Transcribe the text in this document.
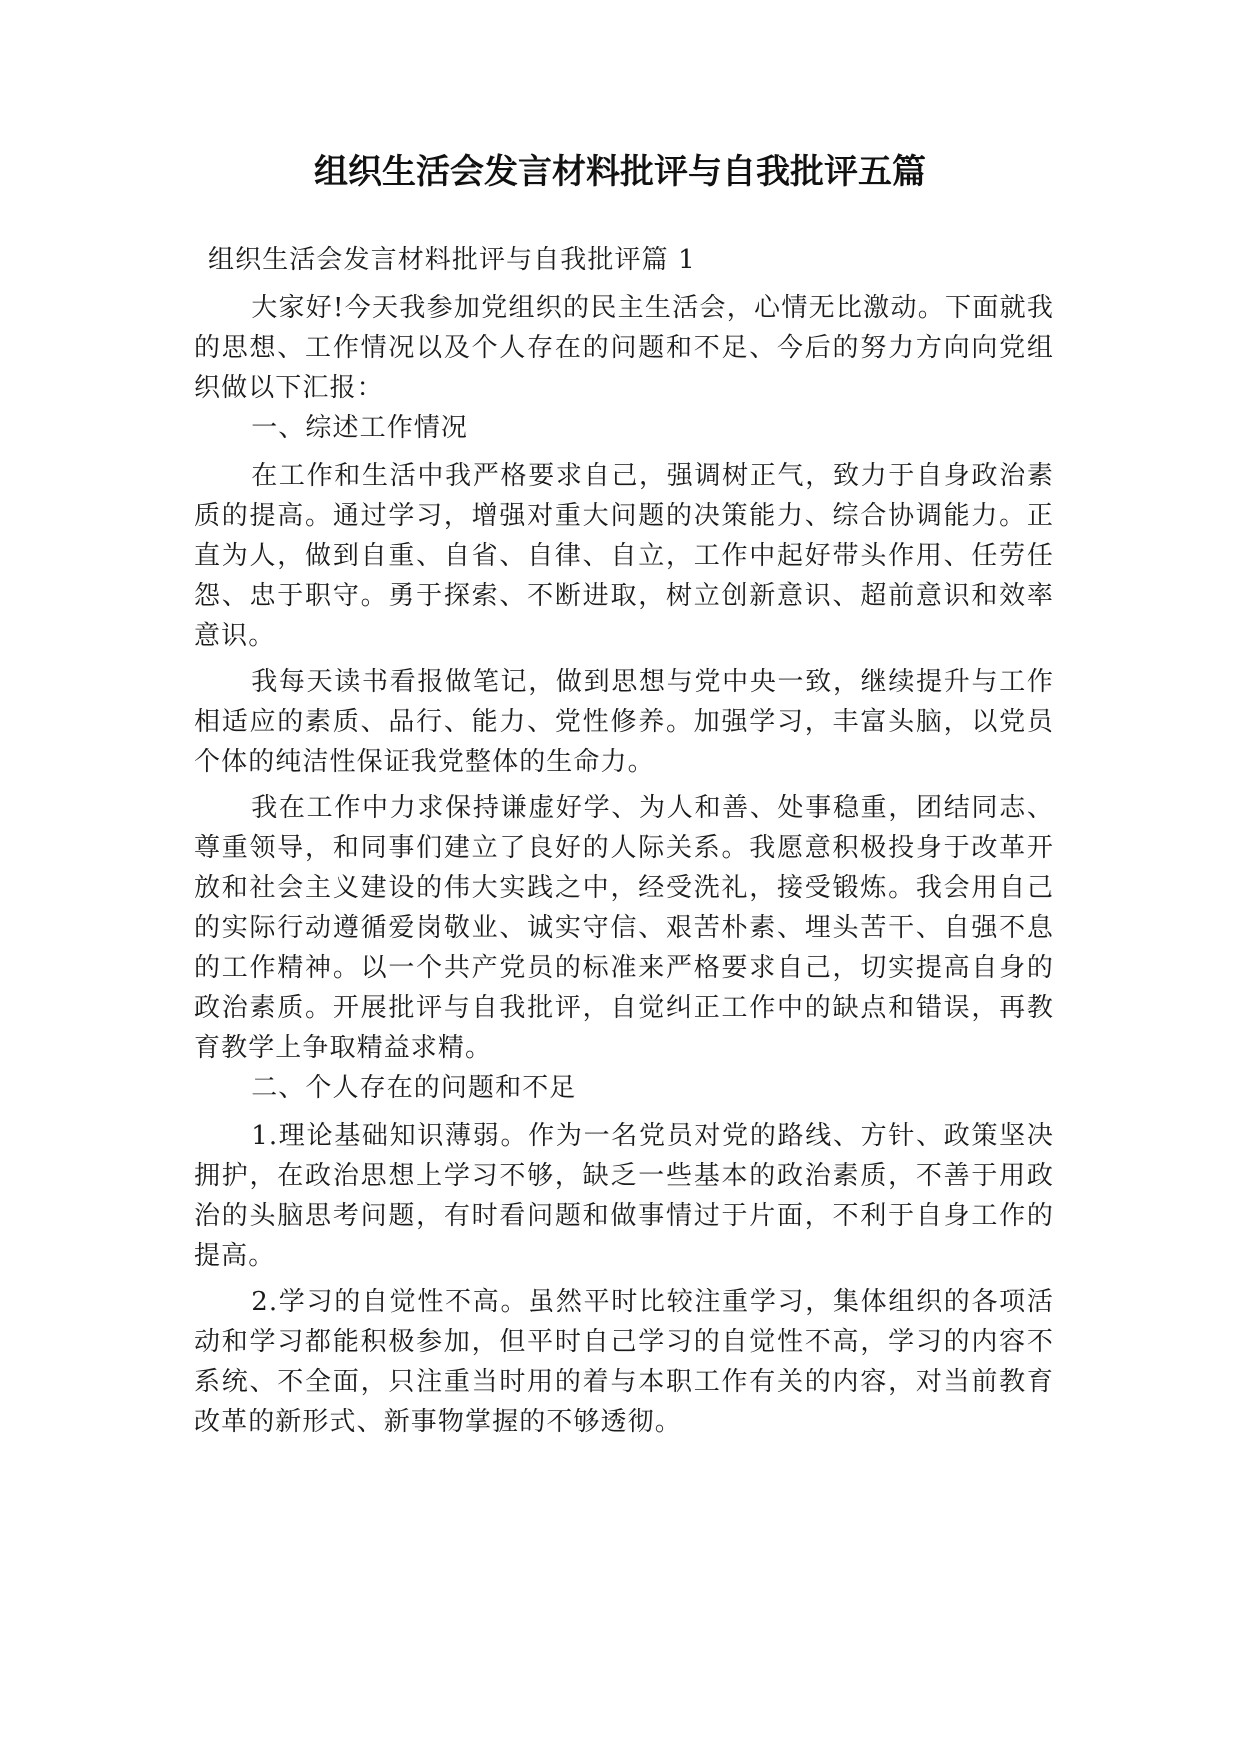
组织生活会发言材料批评与自我批评五篇
组织生活会发言材料批评与自我批评篇 1

大家好!今天我参加党组织的民主生活会，心情无比激动。下面就我的思想、工作情况以及个人存在的问题和不足、今后的努力方向向党组织做以下汇报：

一、综述工作情况

在工作和生活中我严格要求自己，强调树正气，致力于自身政治素质的提高。通过学习，增强对重大问题的决策能力、综合协调能力。正直为人，做到自重、自省、自律、自立，工作中起好带头作用、任劳任怨、忠于职守。勇于探索、不断进取，树立创新意识、超前意识和效率意识。

我每天读书看报做笔记，做到思想与党中央一致，继续提升与工作相适应的素质、品行、能力、党性修养。加强学习，丰富头脑，以党员个体的纯洁性保证我党整体的生命力。

我在工作中力求保持谦虚好学、为人和善、处事稳重，团结同志、尊重领导，和同事们建立了良好的人际关系。我愿意积极投身于改革开放和社会主义建设的伟大实践之中，经受洗礼，接受锻炼。我会用自己的实际行动遵循爱岗敬业、诚实守信、艰苦朴素、埋头苦干、自强不息的工作精神。以一个共产党员的标准来严格要求自己，切实提高自身的政治素质。开展批评与自我批评，自觉纠正工作中的缺点和错误，再教育教学上争取精益求精。

二、个人存在的问题和不足

1.理论基础知识薄弱。作为一名党员对党的路线、方针、政策坚决拥护，在政治思想上学习不够，缺乏一些基本的政治素质，不善于用政治的头脑思考问题，有时看问题和做事情过于片面，不利于自身工作的提高。

2.学习的自觉性不高。虽然平时比较注重学习，集体组织的各项活动和学习都能积极参加，但平时自己学习的自觉性不高，学习的内容不系统、不全面，只注重当时用的着与本职工作有关的内容，对当前教育改革的新形式、新事物掌握的不够透彻。
